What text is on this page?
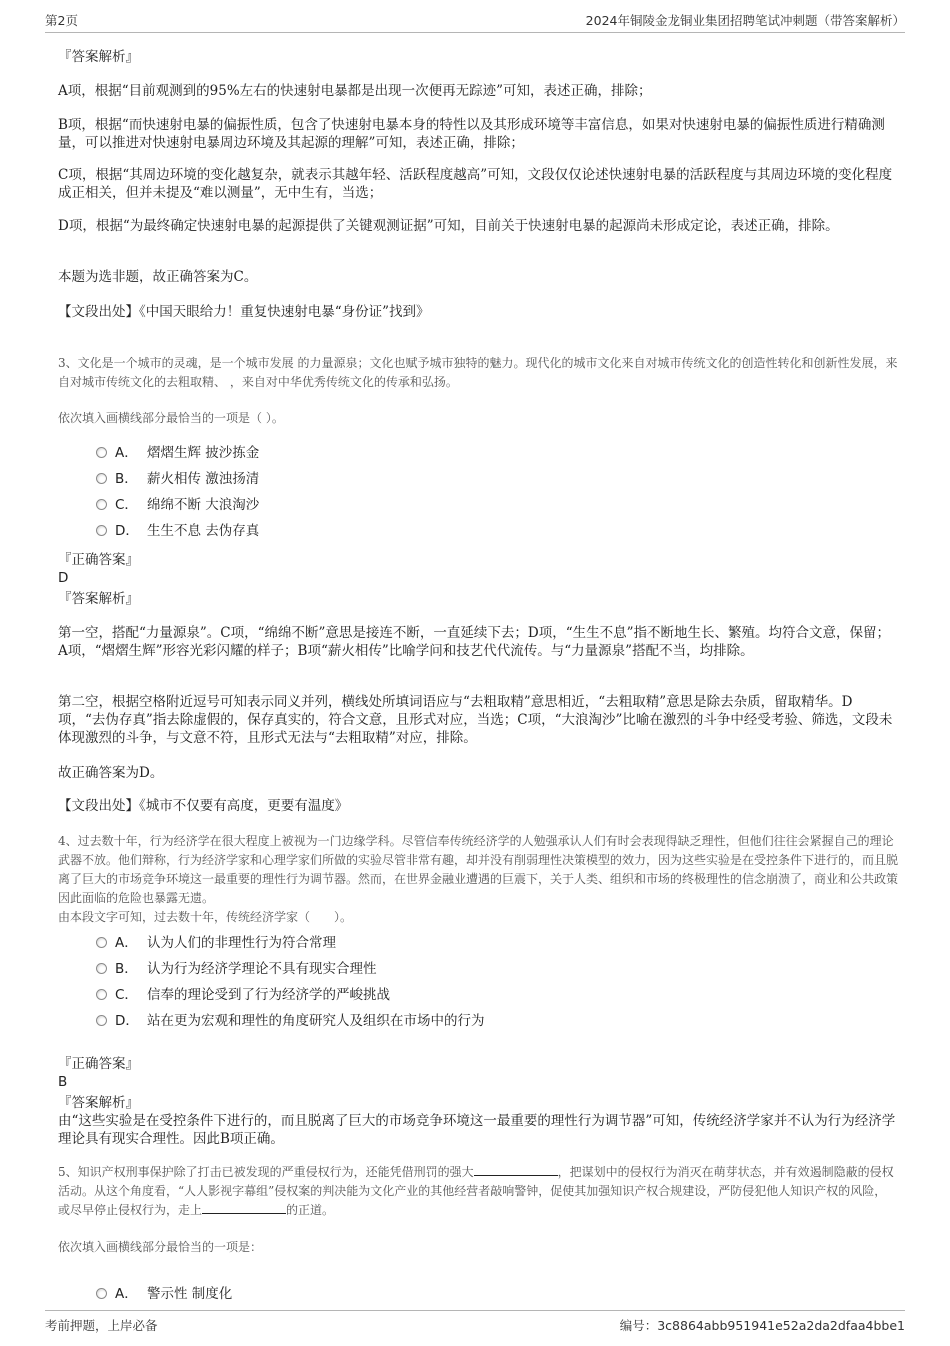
第2页	2024年铜陵金龙铜业集团招聘笔试冲刺题（带答案解析）

『答案解析』

A项，根据“目前观测到的95%左右的快速射电暴都是出现一次便再无踪迹”可知，表述正确，排除；

B项，根据“而快速射电暴的偏振性质，包含了快速射电暴本身的特性以及其形成环境等丰富信息，如果对快速射电暴的偏振性质进行精确测量，可以推进对快速射电暴周边环境及其起源的理解”可知，表述正确，排除；

C项，根据“其周边环境的变化越复杂，就表示其越年轻、活跃程度越高”可知，文段仅仅论述快速射电暴的活跃程度与其周边环境的变化程度成正相关，但并未提及“难以测量”，无中生有，当选；

D项，根据“为最终确定快速射电暴的起源提供了关键观测证据”可知，目前关于快速射电暴的起源尚未形成定论，表述正确，排除。

本题为选非题，故正确答案为C。

【文段出处】《中国天眼给力！重复快速射电暴“身份证”找到》

3、文化是一个城市的灵魂，是一个城市发展 的力量源泉；文化也赋予城市独特的魅力。现代化的城市文化来自对城市传统文化的创造性转化和创新性发展，来自对城市传统文化的去粗取精、 ，来自对中华优秀传统文化的传承和弘扬。

依次填入画横线部分最恰当的一项是（ ）。

A． 熠熠生辉 披沙拣金
B． 薪火相传 激浊扬清
C． 绵绵不断 大浪淘沙
D． 生生不息 去伪存真

『正确答案』

D

『答案解析』

第一空，搭配“力量源泉”。C项，“绵绵不断”意思是接连不断，一直延续下去；D项，“生生不息”指不断地生长、繁殖。均符合文意，保留；A项，“熠熠生辉”形容光彩闪耀的样子；B项“薪火相传”比喻学问和技艺代代流传。与“力量源泉”搭配不当，均排除。

第二空，根据空格附近逗号可知表示同义并列，横线处所填词语应与“去粗取精”意思相近，“去粗取精”意思是除去杂质，留取精华。D项，“去伪存真”指去除虚假的，保存真实的，符合文意，且形式对应，当选；C项，“大浪淘沙”比喻在激烈的斗争中经受考验、筛选，文段未体现激烈的斗争，与文意不符，且形式无法与“去粗取精”对应，排除。

故正确答案为D。

【文段出处】《城市不仅要有高度，更要有温度》

4、过去数十年，行为经济学在很大程度上被视为一门边缘学科。尽管信奉传统经济学的人勉强承认人们有时会表现得缺乏理性，但他们往往会紧握自己的理论武器不放。他们辩称，行为经济学家和心理学家们所做的实验尽管非常有趣，却并没有削弱理性决策模型的效力，因为这些实验是在受控条件下进行的，而且脱离了巨大的市场竞争环境这一最重要的理性行为调节器。然而，在世界金融业遭遇的巨震下，关于人类、组织和市场的终极理性的信念崩溃了，商业和公共政策因此面临的危险也暴露无遗。

由本段文字可知，过去数十年，传统经济学家（　　）。

A． 认为人们的非理性行为符合常理
B． 认为行为经济学理论不具有现实合理性
C． 信奉的理论受到了行为经济学的严峻挑战
D． 站在更为宏观和理性的角度研究人及组织在市场中的行为

『正确答案』

B

『答案解析』

由“这些实验是在受控条件下进行的，而且脱离了巨大的市场竞争环境这一最重要的理性行为调节器”可知，传统经济学家并不认为行为经济学理论具有现实合理性。因此B项正确。

5、知识产权刑事保护除了打击已被发现的严重侵权行为，还能凭借刑罚的强大	，把谋划中的侵权行为消灭在萌芽状态，并有效遏制隐蔽的侵权活动。从这个角度看，“人人影视字幕组”侵权案的判决能为文化产业的其他经营者敲响警钟，促使其加强知识产权合规建设，严防侵犯他人知识产权的风险，或尽早停止侵权行为，走上	的正道。

依次填入画横线部分最恰当的一项是：

A． 警示性 制度化
考前押题，上岸必备	编号：3c8864abb951941e52a2da2dfaa4bbe1
